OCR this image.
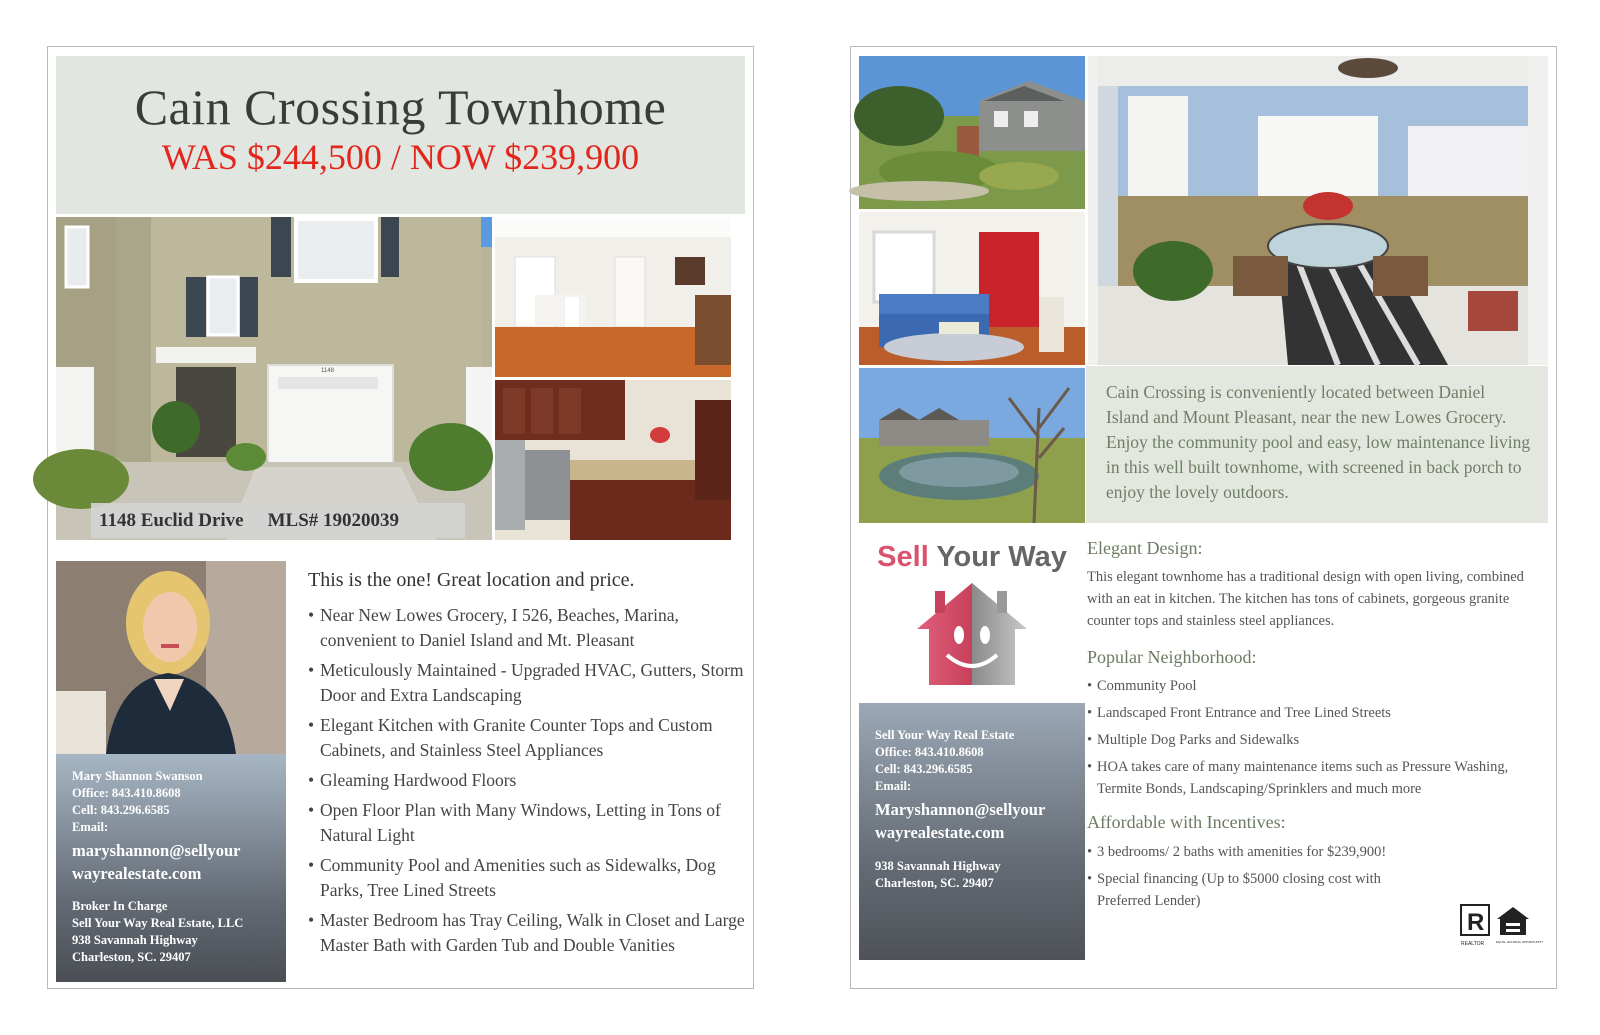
Cain Crossing Townhome
WAS $244,500 / NOW $239,900
1148
1148 Euclid Drive MLS# 19020039
Mary Shannon Swanson
Office: 843.410.8608
Cell: 843.296.6585
Email:
maryshannon@sellyour
wayrealestate.com
Broker In Charge
Sell Your Way Real Estate, LLC
938 Savannah Highway
Charleston, SC. 29407
This is the one! Great location and price.
• Near New Lowes Grocery, I 526, Beaches, Marina, convenient to Daniel Island and Mt. Pleasant
• Meticulously Maintained - Upgraded HVAC, Gutters, Storm Door and Extra Landscaping
• Elegant Kitchen with Granite Counter Tops and Custom Cabinets, and Stainless Steel Appliances
• Gleaming Hardwood Floors
• Open Floor Plan with Many Windows, Letting in Tons of Natural Light
• Community Pool and Amenities such as Sidewalks, Dog Parks, Tree Lined Streets
• Master Bedroom has Tray Ceiling, Walk in Closet and Large Master Bath with Garden Tub and Double Vanities
Cain Crossing is conveniently located between Daniel Island and Mount Pleasant, near the new Lowes Grocery. Enjoy the community pool and easy, low maintenance living in this well built townhome, with screened in back porch to enjoy the lovely outdoors.
Sell Your Way
Sell Your Way Real Estate
Office: 843.410.8608
Cell: 843.296.6585
Email:
Maryshannon@sellyour
wayrealestate.com
938 Savannah Highway
Charleston, SC. 29407
Elegant Design:
This elegant townhome has a traditional design with open living, combined with an eat in kitchen. The kitchen has tons of cabinets, gorgeous granite counter tops and stainless steel appliances.
Popular Neighborhood:
• Community Pool
• Landscaped Front Entrance and Tree Lined Streets
• Multiple Dog Parks and Sidewalks
• HOA takes care of many maintenance items such as Pressure Washing, Termite Bonds, Landscaping/Sprinklers and much more
Affordable with Incentives:
• 3 bedrooms/ 2 baths with amenities for $239,900!
• Special financing (Up to $5000 closing cost with Preferred Lender)
R
REALTOR	EQUAL HOUSING OPPORTUNITY
